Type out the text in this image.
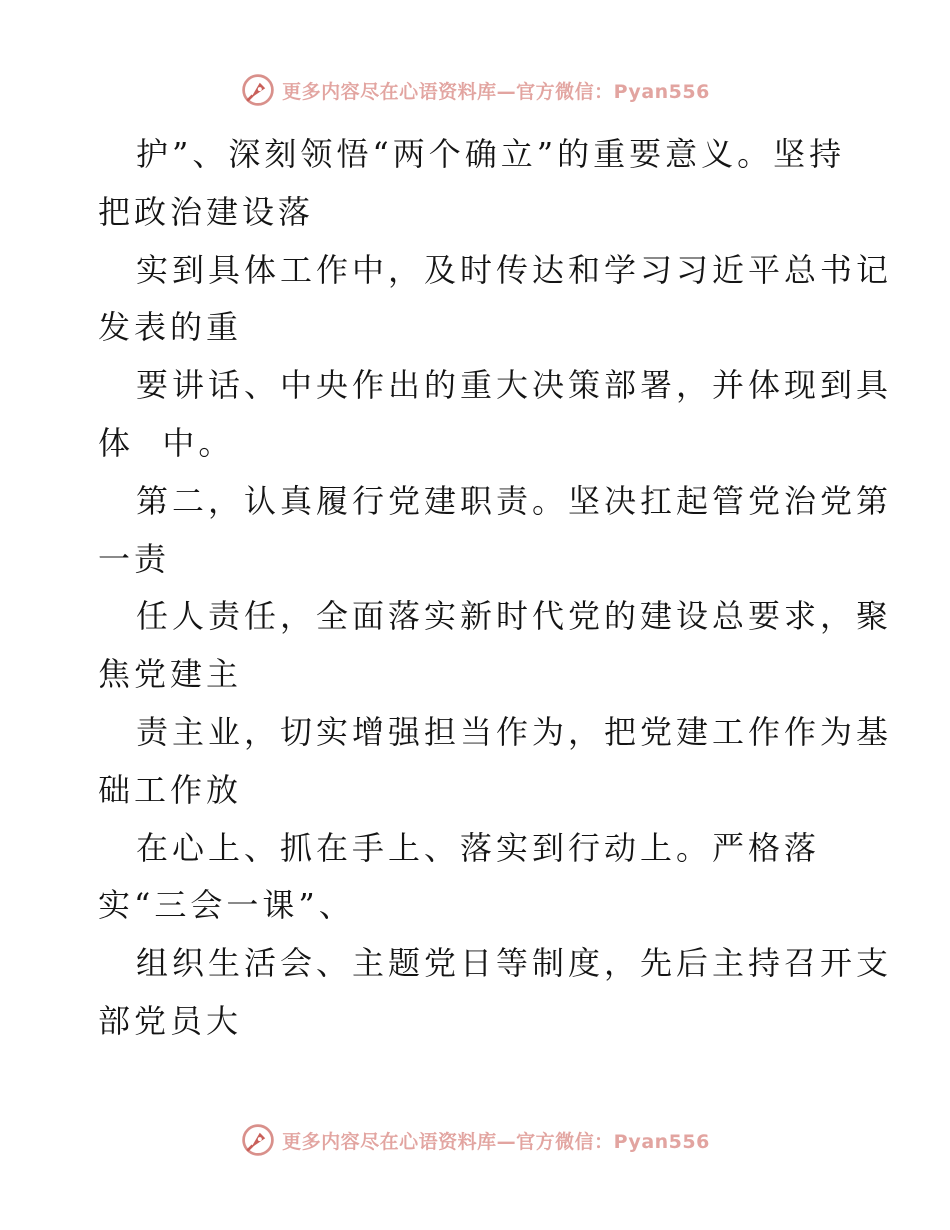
更多内容尽在心语资料库—官方微信：Pyan556
护”、深刻领悟“两个确立”的重要意义。坚持
把政治建设落
实到具体工作中，及时传达和学习习近平总书记
发表的重
要讲话、中央作出的重大决策部署，并体现到具
体  中。
第二，认真履行党建职责。坚决扛起管党治党第
一责
任人责任，全面落实新时代党的建设总要求，聚
焦党建主
责主业，切实增强担当作为，把党建工作作为基
础工作放
在心上、抓在手上、落实到行动上。严格落
实“三会一课”、
组织生活会、主题党日等制度，先后主持召开支
部党员大
更多内容尽在心语资料库—官方微信：Pyan556
